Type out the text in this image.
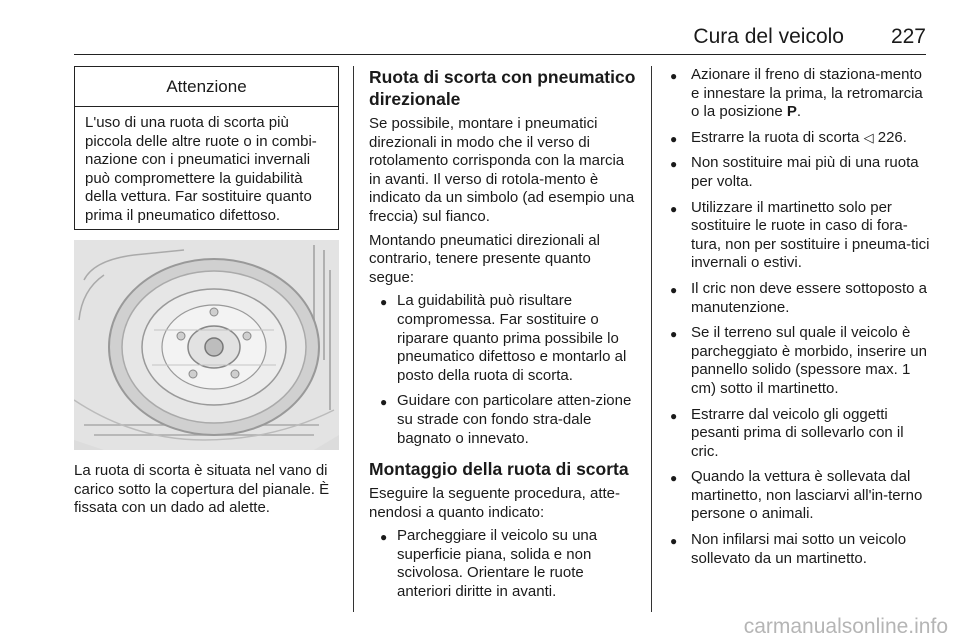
Cura del veicolo 227
Attenzione
L'uso di una ruota di scorta più piccola delle altre ruote o in combi-nazione con i pneumatici invernali può compromettere la guidabilità della vettura. Far sostituire quanto prima il pneumatico difettoso.
La ruota di scorta è situata nel vano di carico sotto la copertura del pianale. È fissata con un dado ad alette.
Ruota di scorta con pneumatico direzionale

Se possibile, montare i pneumatici direzionali in modo che il verso di rotolamento corrisponda con la marcia in avanti. Il verso di rotola-mento è indicato da un simbolo (ad esempio una freccia) sul fianco.

Montando pneumatici direzionali al contrario, tenere presente quanto segue:

● La guidabilità può risultare compromessa. Far sostituire o riparare quanto prima possibile lo pneumatico difettoso e montarlo al posto della ruota di scorta.
● Guidare con particolare atten-zione su strade con fondo stra-dale bagnato o innevato.
Montaggio della ruota di scorta

Eseguire la seguente procedura, atte-nendosi a quanto indicato:

● Parcheggiare il veicolo su una superficie piana, solida e non scivolosa. Orientare le ruote anteriori diritte in avanti.
● Azionare il freno di staziona-mento e innestare la prima, la retromarcia o la posizione P.
● Estrarre la ruota di scorta ◁ 226.
● Non sostituire mai più di una ruota per volta.
● Utilizzare il martinetto solo per sostituire le ruote in caso di fora-tura, non per sostituire i pneuma-tici invernali o estivi.
● Il cric non deve essere sottoposto a manutenzione.
● Se il terreno sul quale il veicolo è parcheggiato è morbido, inserire un pannello solido (spessore max. 1 cm) sotto il martinetto.
● Estrarre dal veicolo gli oggetti pesanti prima di sollevarlo con il cric.
● Quando la vettura è sollevata dal martinetto, non lasciarvi all'in-terno persone o animali.
● Non infilarsi mai sotto un veicolo sollevato da un martinetto.
carmanualsonline.info
